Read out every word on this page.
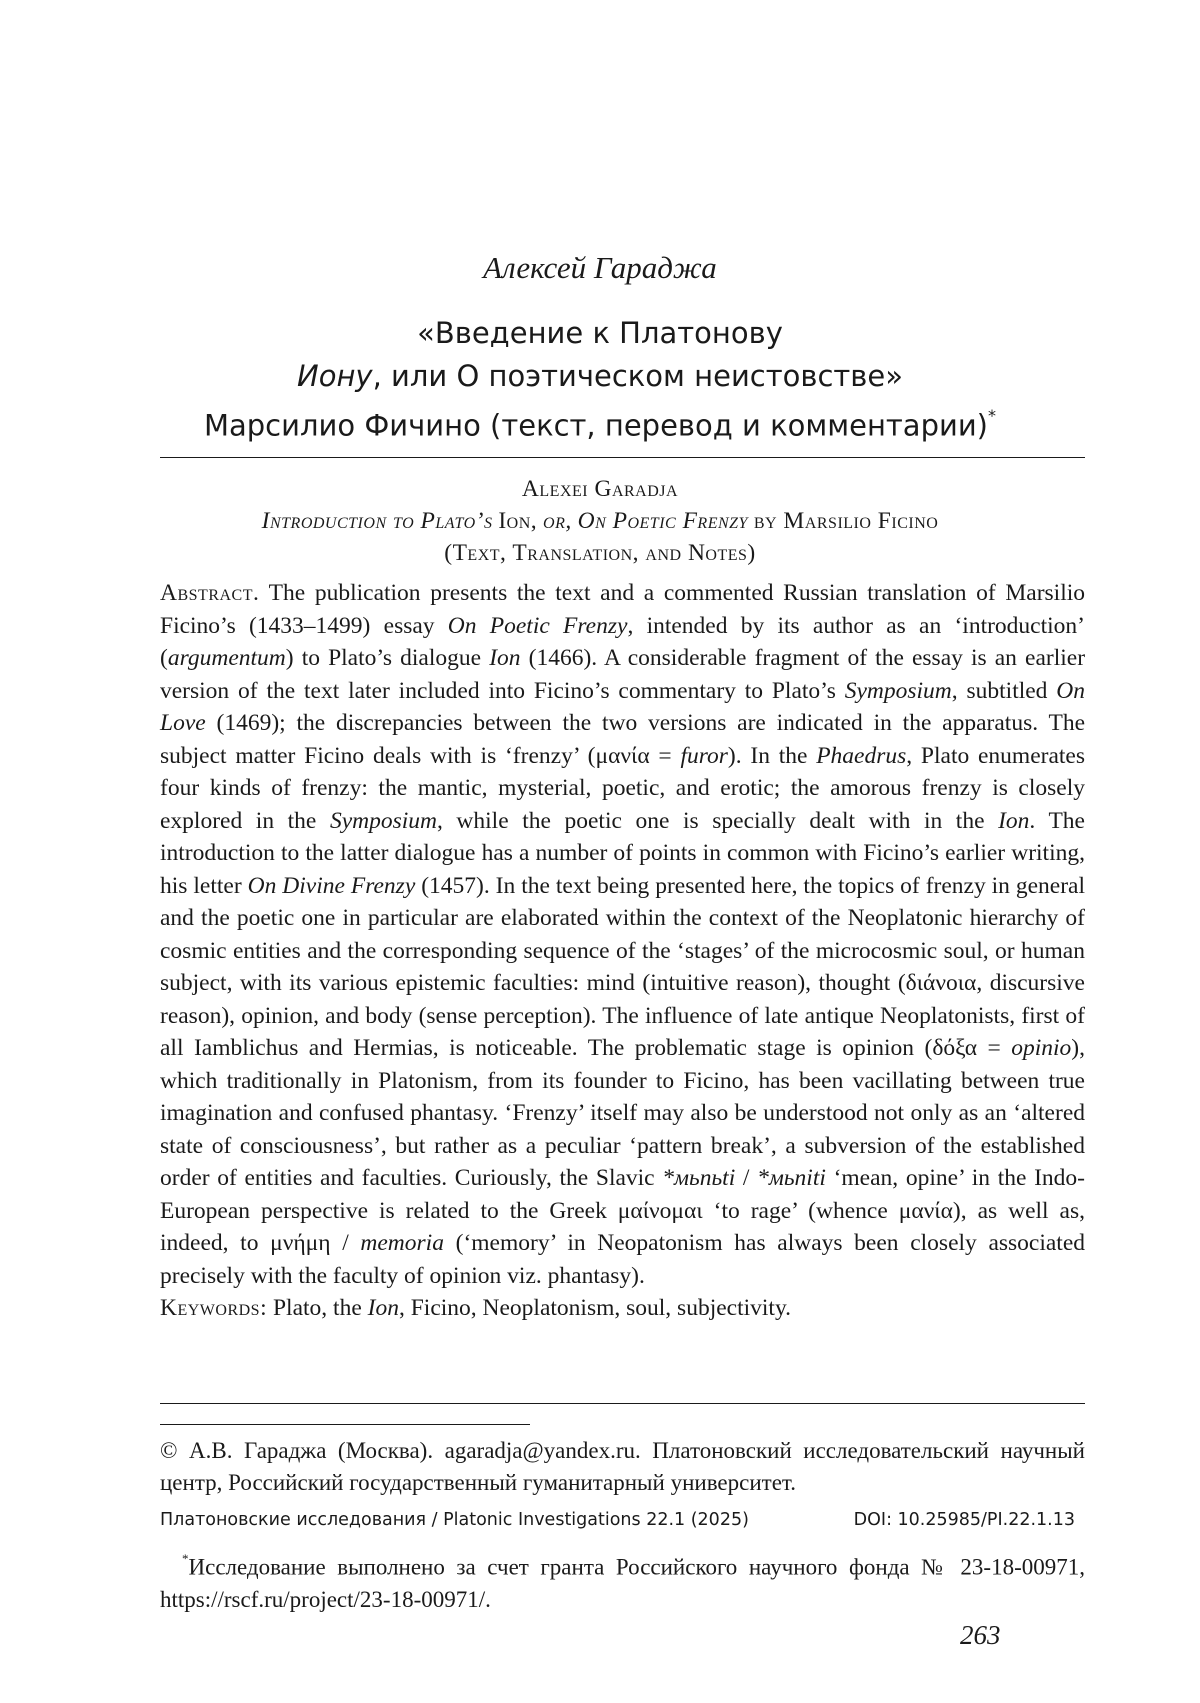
Алексей Гараджа
«Введение к Платонову
Иону, или О поэтическом неистовстве»
Марсилио Фичино (текст, перевод и комментарии)*
Alexei Garadja
Introduction to Plato’s Ion, or, On Poetic Frenzy by Marsilio Ficino
(Text, Translation, and Notes)

Abstract. The publication presents the text and a commented Russian translation of Marsilio Ficino’s (1433–1499) essay On Poetic Frenzy, intended by its author as an ‘introduction’ (argumentum) to Plato’s dialogue Ion (1466). A considerable fragment of the essay is an earlier version of the text later included into Ficino’s commentary to Plato’s Symposium, subtitled On Love (1469); the discrepancies between the two versions are indicated in the apparatus. The subject matter Ficino deals with is ‘frenzy’ (μανία = furor). In the Phaedrus, Plato enumerates four kinds of frenzy: the mantic, mysterial, poetic, and erotic; the amorous frenzy is closely explored in the Symposium, while the poetic one is specially dealt with in the Ion. The introduction to the latter dialogue has a number of points in common with Ficino’s earlier writing, his letter On Divine Frenzy (1457). In the text being presented here, the topics of frenzy in general and the poetic one in particular are elaborated within the context of the Neoplatonic hierarchy of cosmic entities and the corresponding sequence of the ‘stages’ of the microcosmic soul, or human subject, with its various epistemic faculties: mind (intuitive reason), thought (διάνοια, discursive reason), opinion, and body (sense perception). The influence of late antique Neoplatonists, first of all Iamblichus and Hermias, is noticeable. The problematic stage is opinion (δόξα = opinio), which traditionally in Platonism, from its founder to Ficino, has been vacillating between true imagination and confused phantasy. ‘Frenzy’ itself may also be understood not only as an ‘altered state of consciousness’, but rather as a peculiar ‘pattern break’, a subversion of the established order of entities and faculties. Curiously, the Slavic *мьnьti / *мьniti ‘mean, opine’ in the Indo-European perspective is related to the Greek μαίνομαι ‘to rage’ (whence μανία), as well as, indeed, to μνήμη / memoria (‘memory’ in Neopatonism has always been closely associated precisely with the faculty of opinion viz. phantasy).

Keywords: Plato, the Ion, Ficino, Neoplatonism, soul, subjectivity.

© А.В. Гараджа (Москва). agaradja@yandex.ru. Платоновский исследовательский научный центр, Российский государственный гуманитарный университет.
Платоновские исследования / Platonic Investigations 22.1 (2025)	DOI: 10.25985/PI.22.1.13
*Исследование выполнено за счет гранта Российского научного фонда № 23-18-00971, https://rscf.ru/project/23-18-00971/.
263
